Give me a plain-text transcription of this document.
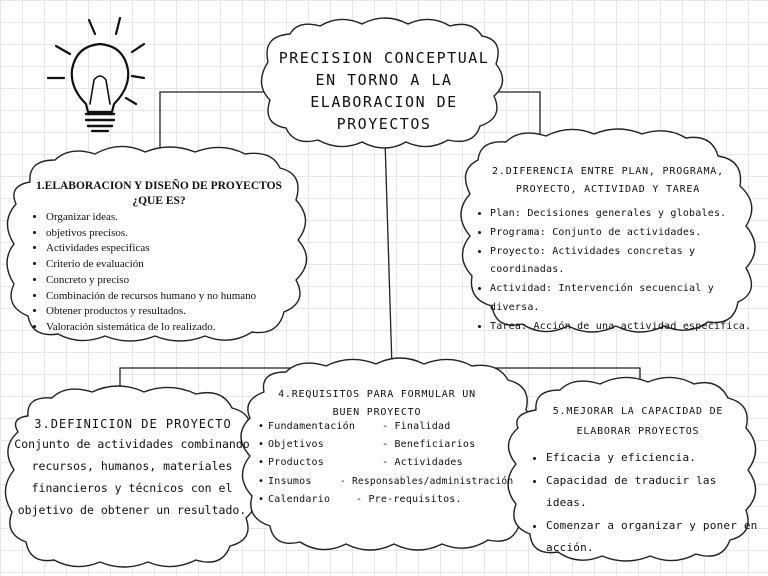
PRECISION CONCEPTUAL EN TORNO A LA ELABORACION DE PROYECTOS
1.ELABORACION Y DISEÑO DE PROYECTOS ¿QUE ES?
• Organizar ideas.
• objetivos precisos.
• Actividades especificas
• Criterio de evaluación
• Concreto y preciso
• Combinación de recursos humano y no humano
• Obtener productos y resultados.
• Valoración sistemática de lo realizado.
2.DIFERENCIA ENTRE PLAN, PROGRAMA, PROYECTO, ACTIVIDAD Y TAREA
• Plan: Decisiones generales y globales.
• Programa: Conjunto de actividades.
• Proyecto: Actividades concretas y coordinadas.
• Actividad: Intervención secuencial y diversa.
• Tarea: Acción de una actividad especifica.
3.DEFINICION DE PROYECTO
Conjunto de actividades combinando recursos, humanos, materiales financieros y técnicos con el objetivo de obtener un resultado.
4.REQUISITOS PARA FORMULAR UN BUEN PROYECTO
• Fundamentación	- Finalidad
• Objetivos	- Beneficiarios
• Productos	- Actividades
• Insumos	- Responsables/administración
• Calendario	- Pre-requisitos.
5.MEJORAR LA CAPACIDAD DE ELABORAR PROYECTOS
• Eficacia y eficiencia.
• Capacidad de traducir las ideas.
• Comenzar a organizar y poner en acción.
